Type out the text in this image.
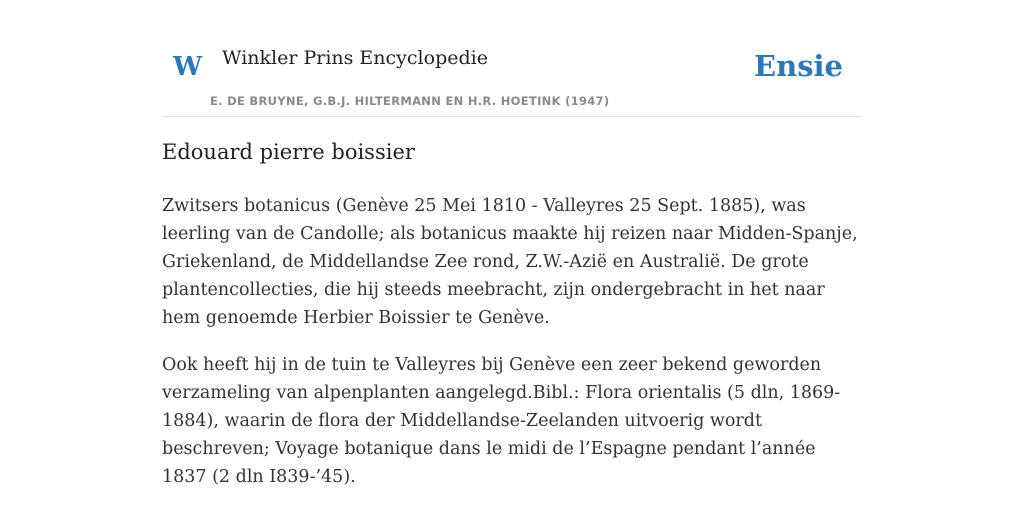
W Winkler Prins Encyclopedie
E. DE BRUYNE, G.B.J. HILTERMANN EN H.R. HOETINK (1947)
Ensie
Edouard pierre boissier

Zwitsers botanicus (Genève 25 Mei 1810 - Valleyres 25 Sept. 1885), was leerling van de Candolle; als botanicus maakte hij reizen naar Midden-Spanje, Griekenland, de Middellandse Zee rond, Z.W.-Azië en Australië. De grote plantencollecties, die hij steeds meebracht, zijn ondergebracht in het naar hem genoemde Herbier Boissier te Genève.

Ook heeft hij in de tuin te Valleyres bij Genève een zeer bekend geworden verzameling van alpenplanten aangelegd.Bibl.: Flora orientalis (5 dln, 1869-1884), waarin de flora der Middellandse-Zeelanden uitvoerig wordt beschreven; Voyage botanique dans le midi de l’Espagne pendant l’année 1837 (2 dln I839-’45).
